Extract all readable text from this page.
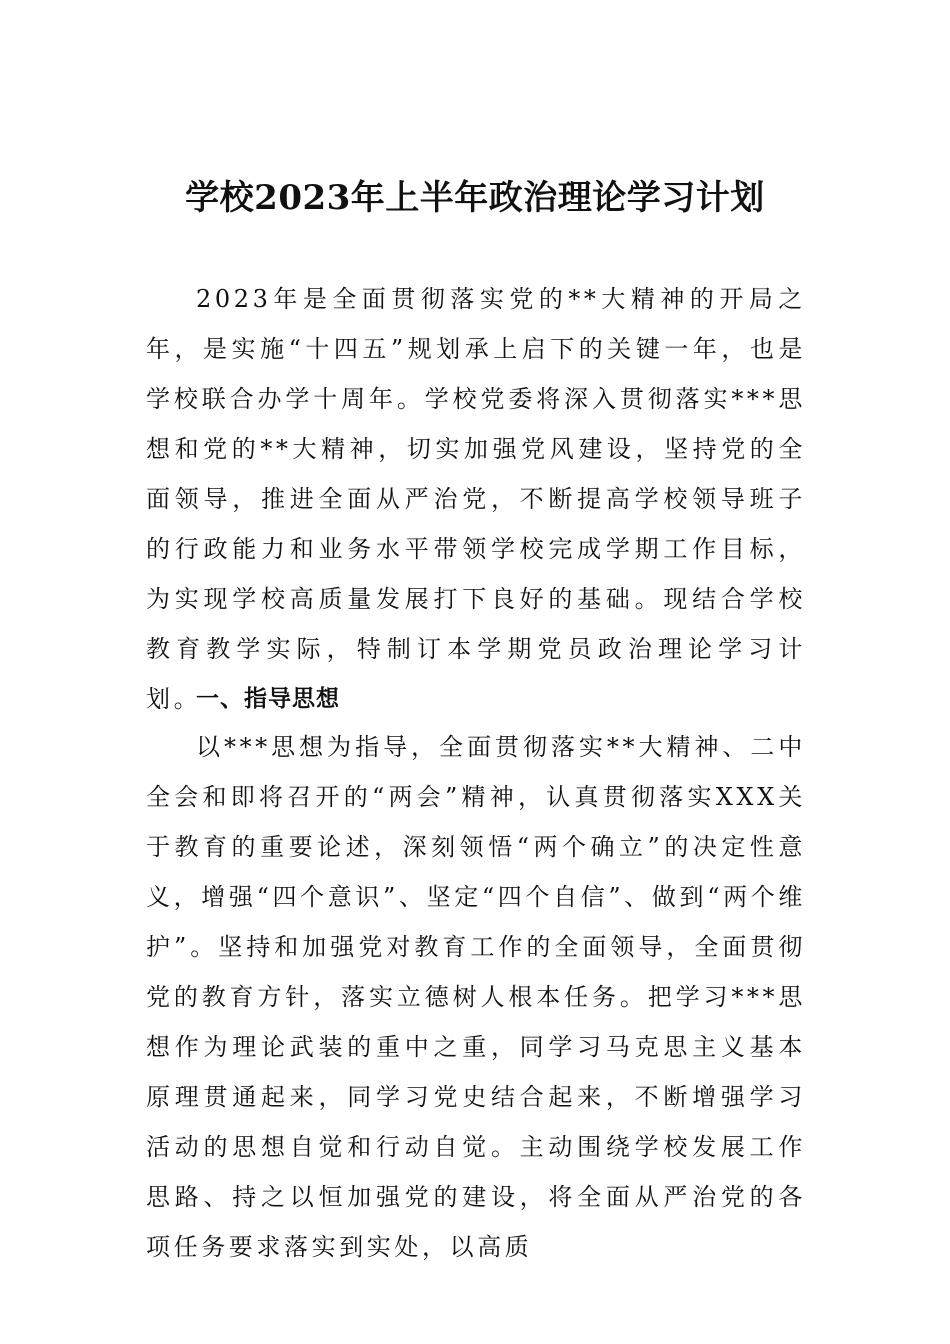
学校2023年上半年政治理论学习计划

2023年是全面贯彻落实党的**大精神的开局之年，是实施“十四五”规划承上启下的关键一年，也是学校联合办学十周年。学校党委将深入贯彻落实***思想和党的**大精神，切实加强党风建设，坚持党的全面领导，推进全面从严治党，不断提高学校领导班子的行政能力和业务水平带领学校完成学期工作目标，为实现学校高质量发展打下良好的基础。现结合学校教育教学实际，特制订本学期党员政治理论学习计划。

一、指导思想

以***思想为指导，全面贯彻落实**大精神、二中全会和即将召开的“两会”精神，认真贯彻落实XXX关于教育的重要论述，深刻领悟“两个确立”的决定性意义，增强“四个意识”、坚定“四个自信”、做到“两个维护”。坚持和加强党对教育工作的全面领导，全面贯彻党的教育方针，落实立德树人根本任务。把学习***思想作为理论武装的重中之重，同学习马克思主义基本原理贯通起来，同学习党史结合起来，不断增强学习活动的思想自觉和行动自觉。主动围绕学校发展工作思路、持之以恒加强党的建设，将全面从严治党的各项任务要求落实到实处，以高质
